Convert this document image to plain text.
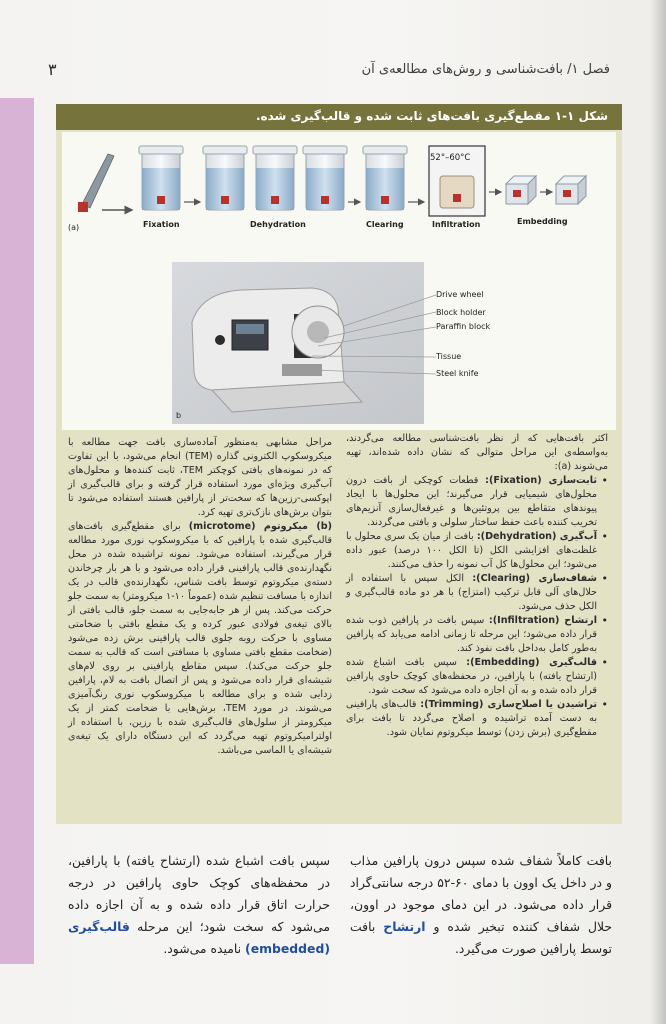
۳	فصل ۱/ بافت‌شناسی و روش‌های مطالعه‌ی آن
شکل ۱-۱ مقطع‌گیری بافت‌های ثابت شده و قالب‌گیری شده.
(a)
52°–60°C
Fixation	Dehydration	Clearing	Infiltration	Embedding
b
Drive wheel
Block holder
Paraffin block
Tissue
Steel knife

اکثر بافت‌هایی که از نظر بافت‌شناسی مطالعه می‌گردند، به‌واسطه‌ی این مراحل متوالی که نشان داده شده‌اند، تهیه می‌شوند (a):

• ثابت‌سازی (Fixation): قطعات کوچکی از بافت درون محلول‌های شیمیایی قرار می‌گیرند؛ این محلول‌ها با ایجاد پیوندهای متقاطع بین پروتئین‌ها و غیرفعال‌سازی آنزیم‌های تخریب کننده باعث حفظ ساختار سلولی و بافتی می‌گردند.

• آب‌گیری (Dehydration): بافت از میان یک سری محلول با غلظت‌های افزایشی الکل (تا الکل ۱۰۰ درصد) عبور داده می‌شود؛ این محلول‌ها کل آب نمونه را حذف می‌کنند.

• شفاف‌سازی (Clearing): الکل سپس با استفاده از حلال‌های آلی قابل ترکیب (امتزاج) با هر دو ماده قالب‌گیری و الکل حذف می‌شود.

• ارتشاح (Infiltration): سپس بافت در پارافین ذوب شده قرار داده می‌شود؛ این مرحله تا زمانی ادامه می‌یابد که پارافین به‌طور کامل به‌داخل بافت نفوذ کند.

• قالب‌گیری (Embedding): سپس بافت اشباع شده (ارتشاح یافته) با پارافین، در محفظه‌های کوچک حاوی پارافین قرار داده شده و به آن اجازه داده می‌شود که سخت شود.

• تراشیدن یا اصلاح‌سازی (Trimming): قالب‌های پارافینی به دست آمده تراشیده و اصلاح می‌گردد تا بافت برای مقطع‌گیری (برش زدن) توسط میکروتوم نمایان شود.

مراحل مشابهی به‌منظور آماده‌سازی بافت جهت مطالعه با میکروسکوپ الکترونی گذاره (TEM) انجام می‌شود، با این تفاوت که در نمونه‌های بافتی کوچکتر TEM، ثابت کننده‌ها و محلول‌های آب‌گیری ویژه‌ای مورد استفاده قرار گرفته و برای قالب‌گیری از اپوکسی-رزین‌ها که سخت‌تر از پارافین هستند استفاده می‌شود تا بتوان برش‌های نازک‌تری تهیه کرد.

(b) میکروتوم (microtome) برای مقطع‌گیری بافت‌های قالب‌گیری شده با پارافین که با میکروسکوپ نوری مورد مطالعه قرار می‌گیرند، استفاده می‌شود. نمونه تراشیده شده در محل نگهدارنده‌ی قالب پارافینی قرار داده می‌شود و با هر بار چرخاندن دسته‌ی میکروتوم توسط بافت شناس، نگهدارنده‌ی قالب در یک اندازه با مسافت تنظیم شده (عموماً ۱۰-۱ میکرومتر) به سمت جلو حرکت می‌کند. پس از هر جابه‌جایی به سمت جلو، قالب بافتی از بالای تیغه‌ی فولادی عبور کرده و یک مقطع بافتی با ضخامتی مساوی با حرکت روبه جلوی قالب پارافینی برش زده می‌شود (ضخامت مقطع بافتی مساوی با مسافتی است که قالب به سمت جلو حرکت می‌کند). سپس مقاطع پارافینی بر روی لام‌های شیشه‌ای قرار داده می‌شود و پس از اتصال بافت به لام، پارافین زدایی شده و برای مطالعه با میکروسکوپ نوری رنگ‌آمیزی می‌شوند. در مورد TEM، برش‌هایی با ضخامت کمتر از یک میکرومتر از سلول‌های قالب‌گیری شده با رزین، با استفاده از اولترامیکروتوم تهیه می‌گردد که این دستگاه دارای یک تیغه‌ی شیشه‌ای یا الماسی می‌باشد.

بافت کاملاً شفاف شده سپس درون پارافین مذاب و در داخل یک اوون با دمای ۶۰-۵۲ درجه سانتی‌گراد قرار داده می‌شود. در این دمای موجود در اوون، حلال شفاف کننده تبخیر شده و ارتشاح بافت توسط پارافین صورت می‌گیرد.
سپس بافت اشباع شده (ارتشاح یافته) با پارافین، در محفظه‌های کوچک حاوی پارافین در درجه حرارت اتاق قرار داده شده و به آن اجازه داده می‌شود که سخت شود؛ این مرحله قالب‌گیری (embedded) نامیده می‌شود.
